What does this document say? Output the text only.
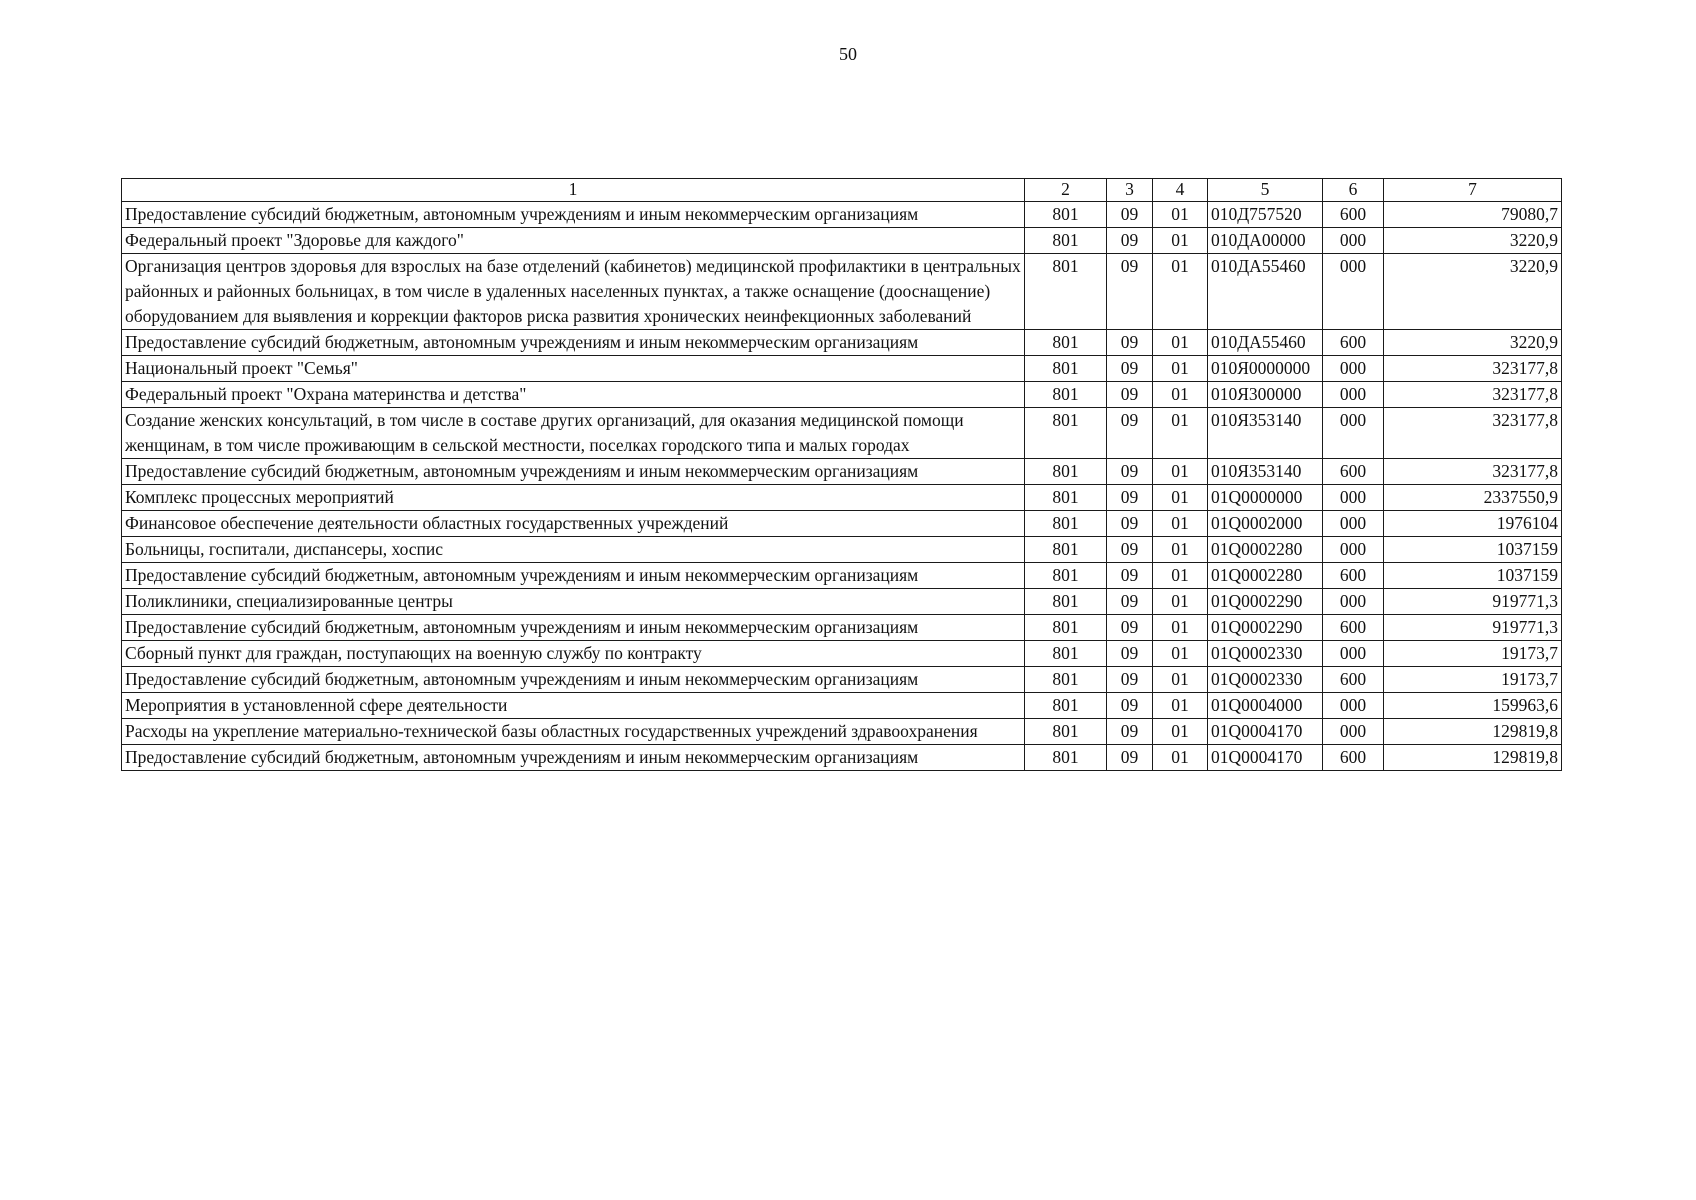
50
1	2	3	4	5	6	7
Предоставление субсидий бюджетным, автономным учреждениям и иным некоммерческим организациям	801	09	01	010Д757520	600	79080,7
Федеральный проект "Здоровье для каждого"	801	09	01	010ДА00000	000	3220,9
Организация центров здоровья для взрослых на базе отделений (кабинетов) медицинской профилактики в центральных районных и районных больницах, в том числе в удаленных населенных пунктах, а также оснащение (дооснащение) оборудованием для выявления и коррекции факторов риска развития хронических неинфекционных заболеваний	801	09	01	010ДА55460	000	3220,9
Предоставление субсидий бюджетным, автономным учреждениям и иным некоммерческим организациям	801	09	01	010ДА55460	600	3220,9
Национальный проект "Семья"	801	09	01	010Я0000000	000	323177,8
Федеральный проект "Охрана материнства и детства"	801	09	01	010Я300000	000	323177,8
Создание женских консультаций, в том числе в составе других организаций, для оказания медицинской помощи женщинам, в том числе проживающим в сельской местности, поселках городского типа и малых городах	801	09	01	010Я353140	000	323177,8
Предоставление субсидий бюджетным, автономным учреждениям и иным некоммерческим организациям	801	09	01	010Я353140	600	323177,8
Комплекс процессных мероприятий	801	09	01	01Q0000000	000	2337550,9
Финансовое обеспечение деятельности областных государственных учреждений	801	09	01	01Q0002000	000	1976104
Больницы, госпитали, диспансеры, хоспис	801	09	01	01Q0002280	000	1037159
Предоставление субсидий бюджетным, автономным учреждениям и иным некоммерческим организациям	801	09	01	01Q0002280	600	1037159
Поликлиники, специализированные центры	801	09	01	01Q0002290	000	919771,3
Предоставление субсидий бюджетным, автономным учреждениям и иным некоммерческим организациям	801	09	01	01Q0002290	600	919771,3
Сборный пункт для граждан, поступающих на военную службу по контракту	801	09	01	01Q0002330	000	19173,7
Предоставление субсидий бюджетным, автономным учреждениям и иным некоммерческим организациям	801	09	01	01Q0002330	600	19173,7
Мероприятия в установленной сфере деятельности	801	09	01	01Q0004000	000	159963,6
Расходы на укрепление материально-технической базы областных государственных учреждений здравоохранения	801	09	01	01Q0004170	000	129819,8
Предоставление субсидий бюджетным, автономным учреждениям и иным некоммерческим организациям	801	09	01	01Q0004170	600	129819,8
